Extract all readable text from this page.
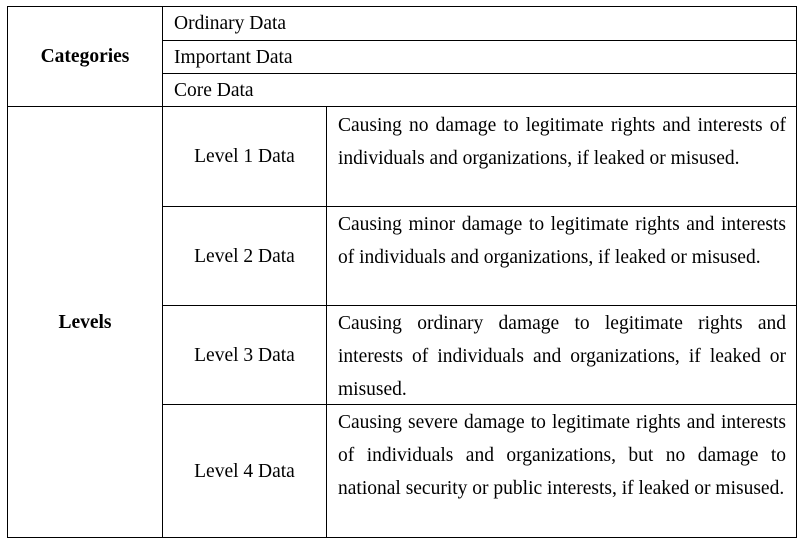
Categories
Ordinary Data
Important Data
Core Data
Levels
Level 1 Data
Causing no damage to legitimate rights and interests of individuals and organizations, if leaked or misused.
Level 2 Data
Causing minor damage to legitimate rights and interests of individuals and organizations, if leaked or misused.
Level 3 Data
Causing ordinary damage to legitimate rights and interests of individuals and organizations, if leaked or misused.
Level 4 Data
Causing severe damage to legitimate rights and interests of individuals and organizations, but no damage to national security or public interests, if leaked or misused.
